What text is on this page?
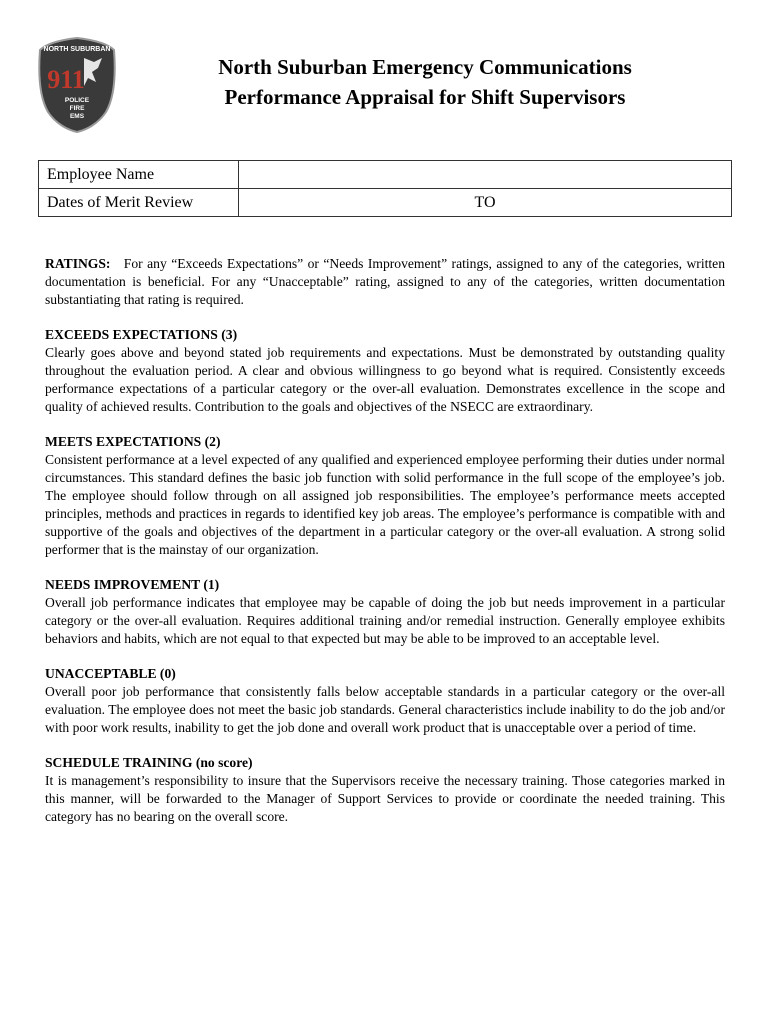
NORTH SUBURBAN
911
POLICE
FIRE
EMS
North Suburban Emergency Communications
Performance Appraisal for Shift Supervisors
Employee Name	
Dates of Merit Review	TO

RATINGS: For any “Exceeds Expectations” or “Needs Improvement” ratings, assigned to any of the categories, written documentation is beneficial. For any “Unacceptable” rating, assigned to any of the categories, written documentation substantiating that rating is required.

EXCEEDS EXPECTATIONS (3)
Clearly goes above and beyond stated job requirements and expectations. Must be demonstrated by outstanding quality throughout the evaluation period. A clear and obvious willingness to go beyond what is required. Consistently exceeds performance expectations of a particular category or the over-all evaluation. Demonstrates excellence in the scope and quality of achieved results. Contribution to the goals and objectives of the NSECC are extraordinary.
MEETS EXPECTATIONS (2)
Consistent performance at a level expected of any qualified and experienced employee performing their duties under normal circumstances. This standard defines the basic job function with solid performance in the full scope of the employee’s job. The employee should follow through on all assigned job responsibilities. The employee’s performance meets accepted principles, methods and practices in regards to identified key job areas. The employee’s performance is compatible with and supportive of the goals and objectives of the department in a particular category or the over-all evaluation. A strong solid performer that is the mainstay of our organization.
NEEDS IMPROVEMENT (1)
Overall job performance indicates that employee may be capable of doing the job but needs improvement in a particular category or the over-all evaluation. Requires additional training and/or remedial instruction. Generally employee exhibits behaviors and habits, which are not equal to that expected but may be able to be improved to an acceptable level.
UNACCEPTABLE (0)
Overall poor job performance that consistently falls below acceptable standards in a particular category or the over-all evaluation. The employee does not meet the basic job standards. General characteristics include inability to do the job and/or with poor work results, inability to get the job done and overall work product that is unacceptable over a period of time.
SCHEDULE TRAINING (no score)
It is management’s responsibility to insure that the Supervisors receive the necessary training. Those categories marked in this manner, will be forwarded to the Manager of Support Services to provide or coordinate the needed training. This category has no bearing on the overall score.
